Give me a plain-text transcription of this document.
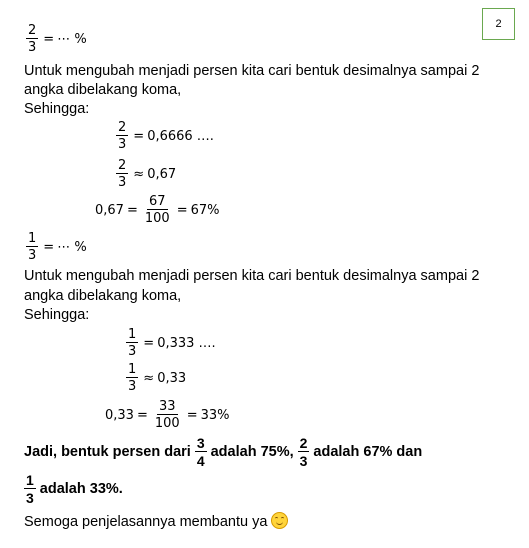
2
$\frac{2}{3}$ = ⋯ %
Untuk mengubah menjadi persen kita cari bentuk desimalnya sampai 2
angka dibelakang koma,
Sehingga:
$\frac{2}{3} = 0,6666$ ….
$\frac{2}{3} \approx 0,67$
$0,67 = \frac{67}{100} = 67\%$
$\frac{1}{3}$ = ⋯ %
Untuk mengubah menjadi persen kita cari bentuk desimalnya sampai 2
angka dibelakang koma,
Sehingga:
$\frac{1}{3} = 0,333$ ….
$\frac{1}{3} \approx 0,33$
$0,33 = \frac{33}{100} = 33\%$
Jadi, bentuk persen dari $\frac{3}{4}$ adalah 75%, $\frac{2}{3}$ adalah 67% dan
$\frac{1}{3}$ adalah 33%.
Semoga penjelasannya membantu ya
